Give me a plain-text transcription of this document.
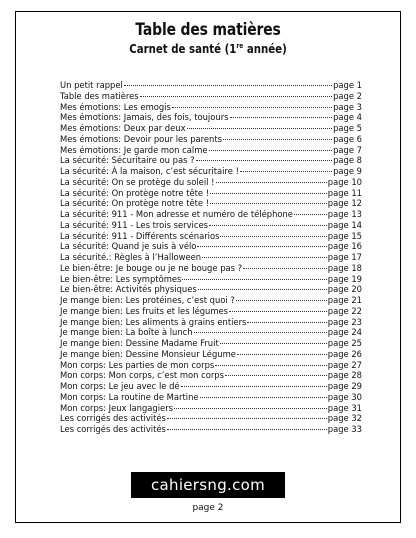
Table des matières
Carnet de santé (1re année)
Un petit rappel	page 1
Table des matières	page 2
Mes émotions: Les emogis	page 3
Mes émotions: Jamais, des fois, toujours	page 4
Mes émotions: Deux par deux	page 5
Mes émotions: Devoir pour les parents	page 6
Mes émotions: Je garde mon calme	page 7
La sécurité: Sécuritaire ou pas ?	page 8
La sécurité: À la maison, c’est sécuritaire !	page 9
La sécurité: On se protège du soleil !	page 10
La sécurité: On protège notre tête !	page 11
La sécurité: On protège notre tête !	page 12
La sécurité: 911 - Mon adresse et numéro de téléphone	page 13
La sécurité: 911 - Les trois services	page 14
La sécurité: 911 - Différents scénarios	page 15
La sécurité: Quand je suis à vélo	page 16
La sécurité.: Règles à l’Halloween	page 17
Le bien-être: Je bouge ou je ne bouge pas ?	page 18
Le bien-être: Les symptômes	page 19
Le bien-être: Activités physiques	page 20
Je mange bien: Les protéines, c’est quoi ?	page 21
Je mange bien: Les fruits et les légumes	page 22
Je mange bien: Les aliments à grains entiers	page 23
Je mange bien: La boîte à lunch	page 24
Je mange bien: Dessine Madame Fruit	page 25
Je mange bien: Dessine Monsieur Légume	page 26
Mon corps: Les parties de mon corps	page 27
Mon corps: Mon corps, c’est mon corps	page 28
Mon corps: Le jeu avec le dé	page 29
Mon corps: La routine de Martine	page 30
Mon corps: Jeux langagiers	page 31
Les corrigés des activités	page 32
Les corrigés des activités	page 33
cahiersng.com
page 2
